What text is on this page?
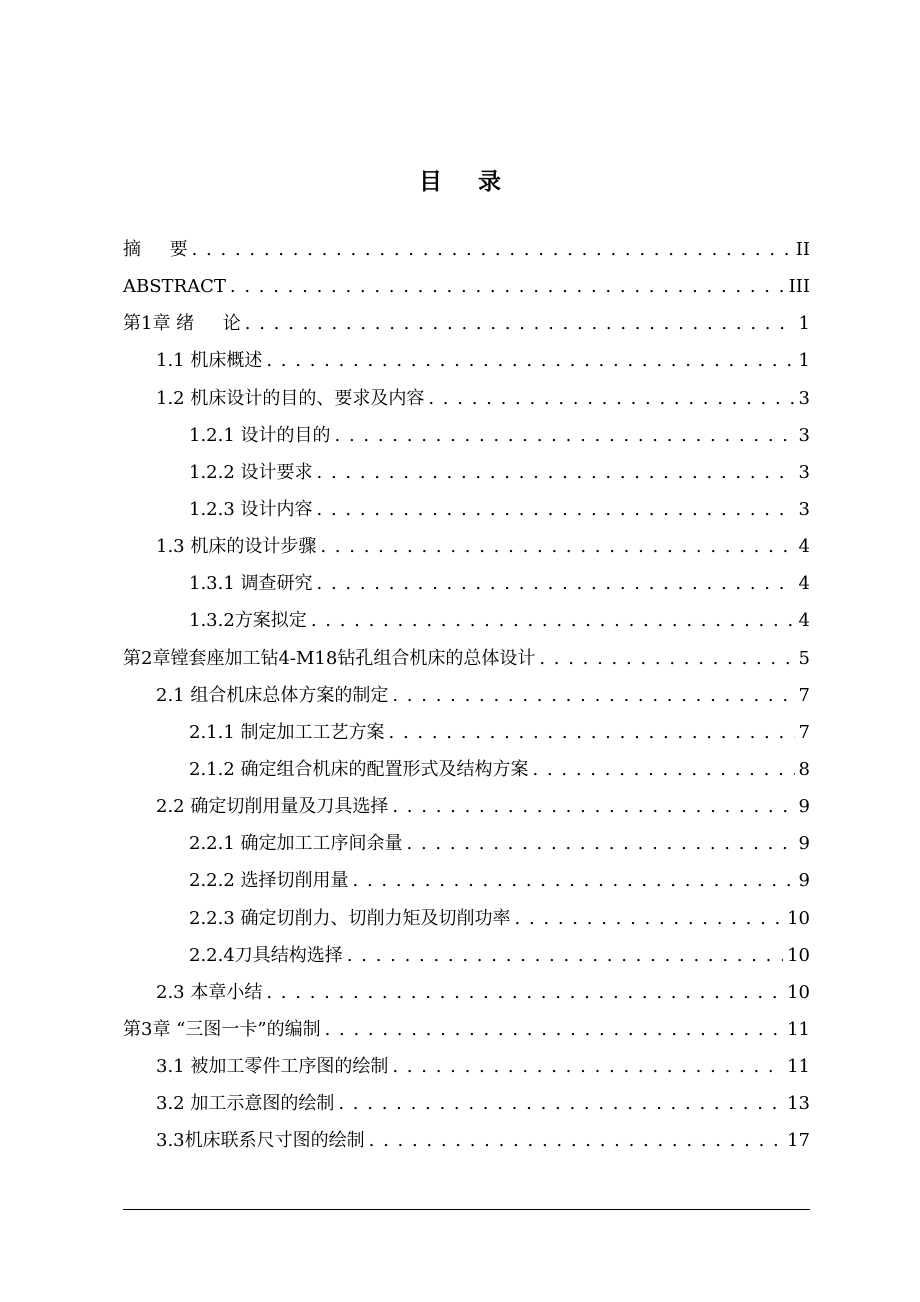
目 录
摘     要 . . .	II
ABSTRACT . . .	III
第1章 绪     论 . . .	1
1.1 机床概述 . . .	1
1.2 机床设计的目的、要求及内容 . . .	3
1.2.1 设计的目的 . . .	3
1.2.2 设计要求 . . .	3
1.2.3 设计内容 . . .	3
1.3 机床的设计步骤 . . .	4
1.3.1 调查研究 . . .	4
1.3.2方案拟定 . . .	4
第2章镗套座加工钻4-M18钻孔组合机床的总体设计 . . .	5
2.1 组合机床总体方案的制定 . . .	7
2.1.1 制定加工工艺方案 . . .	7
2.1.2 确定组合机床的配置形式及结构方案 . . .	8
2.2 确定切削用量及刀具选择 . . .	9
2.2.1 确定加工工序间余量 . . .	9
2.2.2 选择切削用量 . . .	9
2.2.3 确定切削力、切削力矩及切削功率 . . .	10
2.2.4刀具结构选择 . . .	10
2.3 本章小结 . . .	10
第3章 “三图一卡”的编制 . . .	11
3.1 被加工零件工序图的绘制 . . .	11
3.2 加工示意图的绘制 . . .	13
3.3机床联系尺寸图的绘制 . . .	17
